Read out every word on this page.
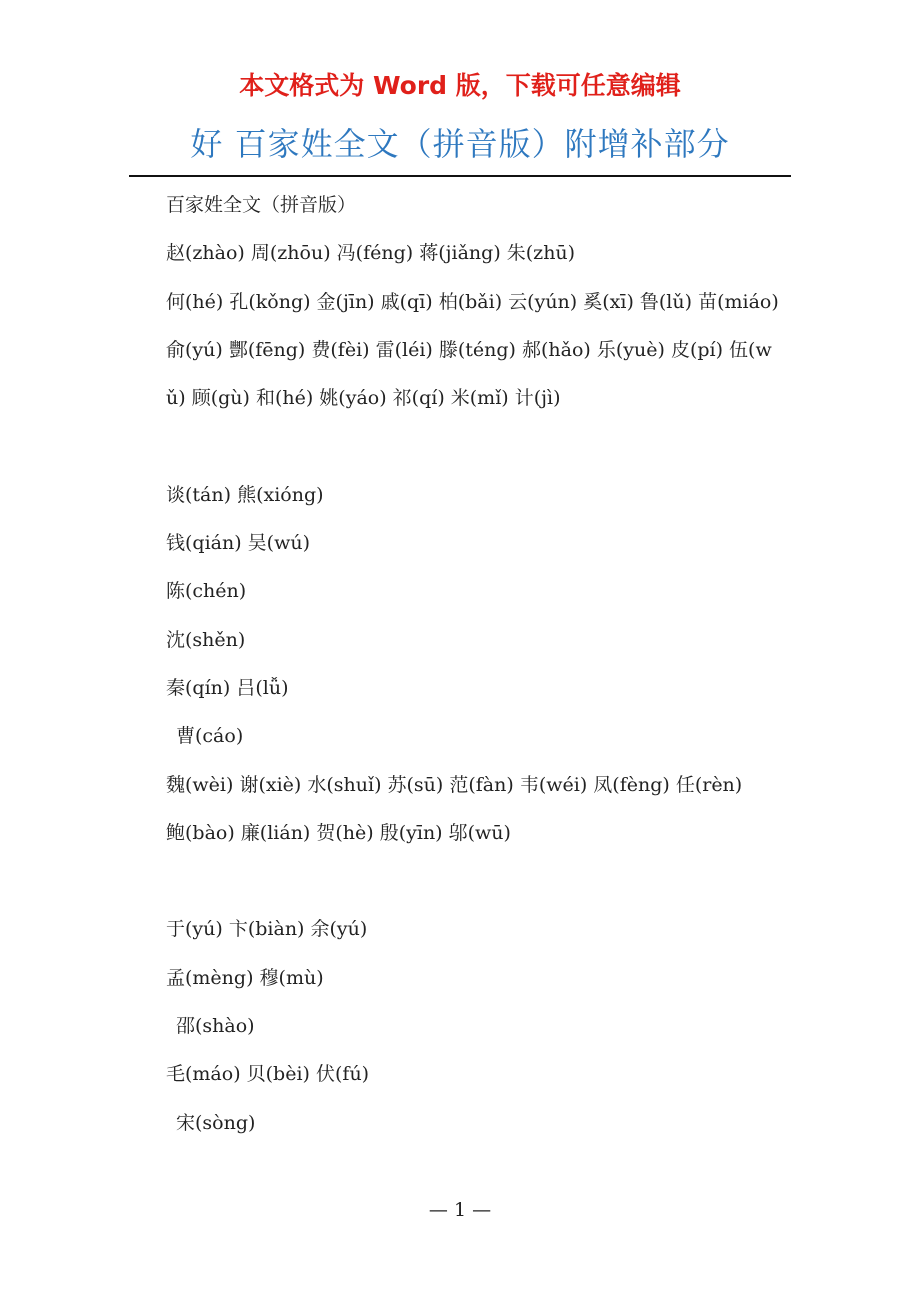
本文格式为 Word 版，下载可任意编辑
好 百家姓全文（拼音版）附增补部分

百家姓全文（拼音版）

赵(zhào) 周(zhōu) 冯(féng) 蒋(jiǎng) 朱(zhū)

何(hé) 孔(kǒng) 金(jīn) 戚(qī) 柏(bǎi) 云(yún) 奚(xī) 鲁(lǔ) 苗(miáo) 俞(yú) 酆(fēng) 费(fèi) 雷(léi) 滕(téng) 郝(hǎo) 乐(yuè) 皮(pí) 伍(wǔ) 顾(gù) 和(hé) 姚(yáo) 祁(qí) 米(mǐ) 计(jì)

谈(tán) 熊(xióng)

钱(qián) 吴(wú)

陈(chén)

沈(shěn)

秦(qín) 吕(lǚ)

曹(cáo)

魏(wèi) 谢(xiè) 水(shuǐ) 苏(sū) 范(fàn) 韦(wéi) 凤(fèng) 任(rèn)

鲍(bào) 廉(lián) 贺(hè) 殷(yīn) 邬(wū)

于(yú) 卞(biàn) 余(yú)

孟(mèng) 穆(mù)

邵(shào)

毛(máo) 贝(bèi) 伏(fú)

宋(sòng)

— 1 —
